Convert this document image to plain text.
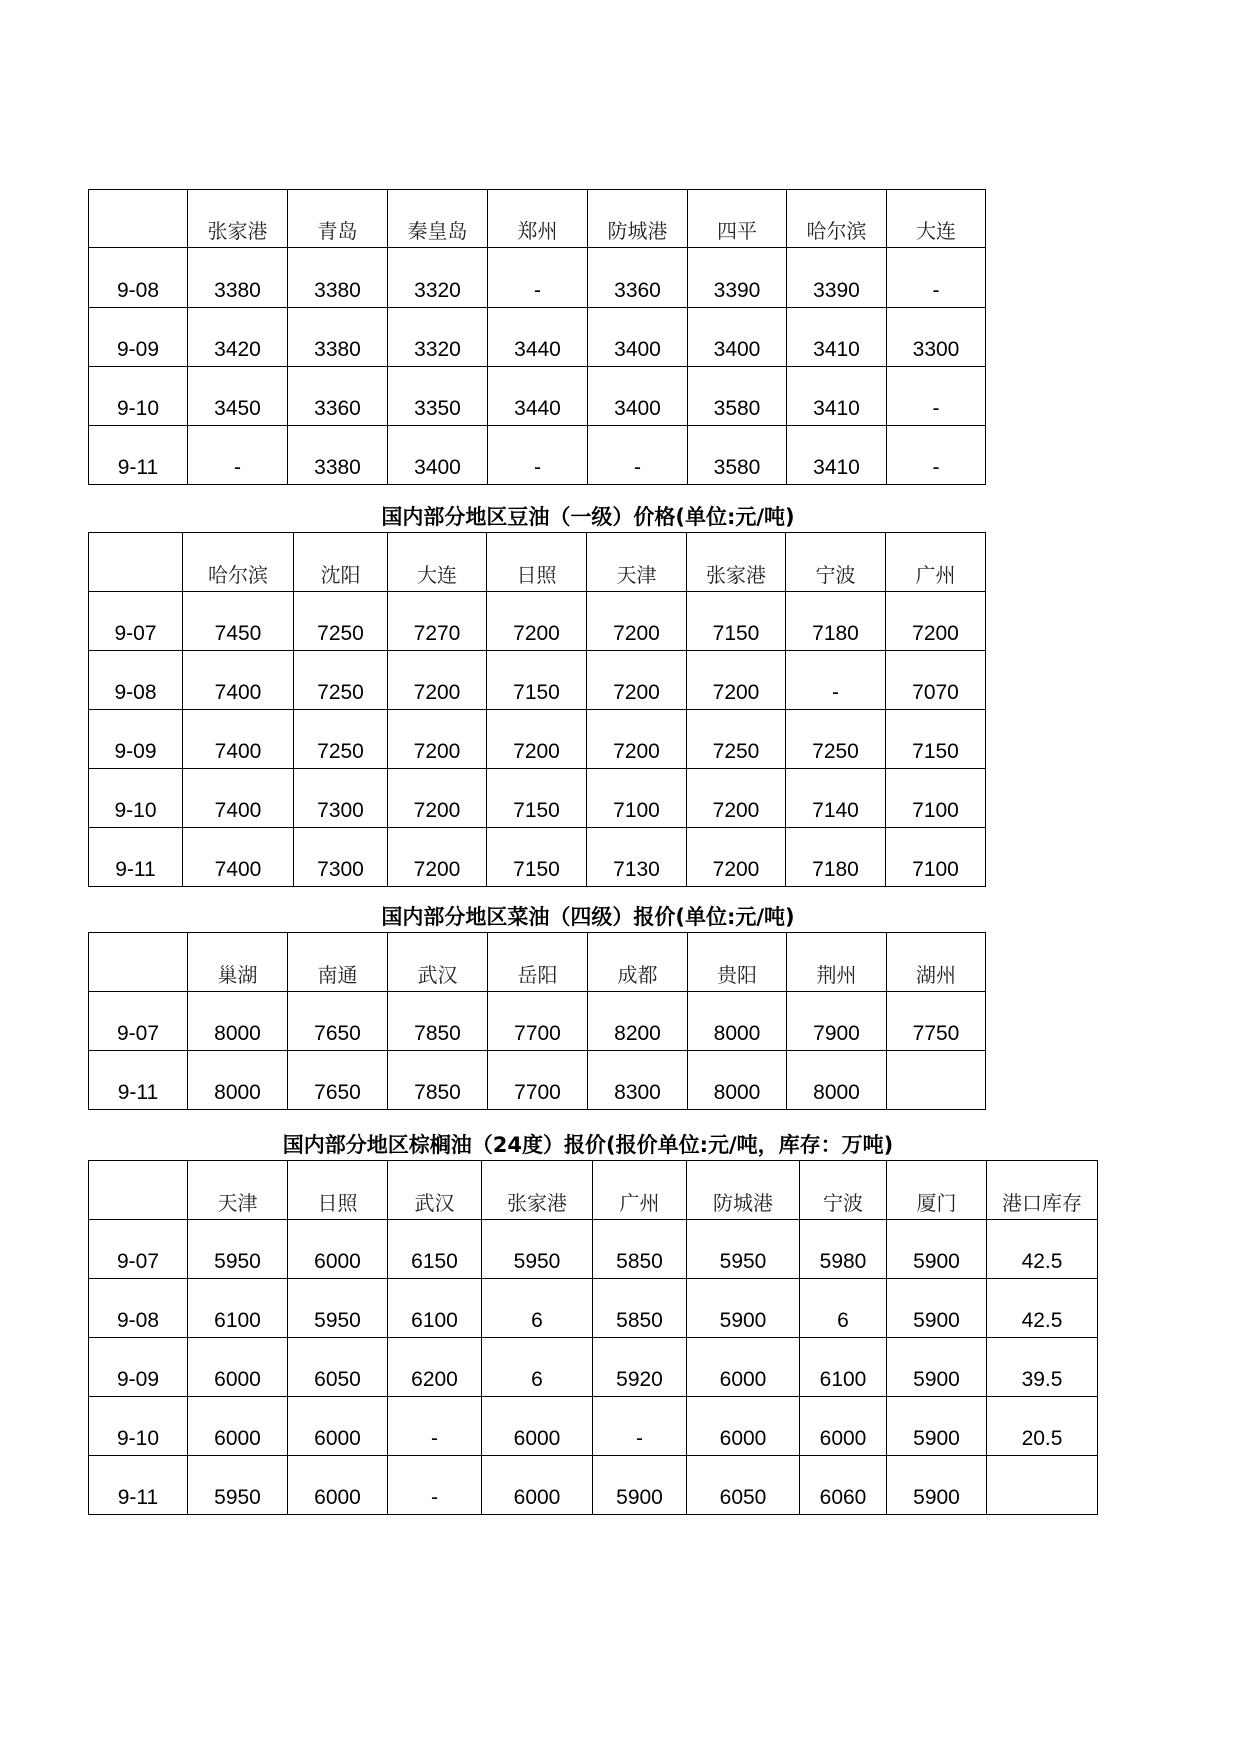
	张家港	青岛	秦皇岛	郑州	防城港	四平	哈尔滨	大连
9-08	3380	3380	3320	-	3360	3390	3390	-
9-09	3420	3380	3320	3440	3400	3400	3410	3300
9-10	3450	3360	3350	3440	3400	3580	3410	-
9-11	-	3380	3400	-	-	3580	3410	-
国内部分地区豆油（一级）价格(单位:元/吨)
	哈尔滨	沈阳	大连	日照	天津	张家港	宁波	广州
9-07	7450	7250	7270	7200	7200	7150	7180	7200
9-08	7400	7250	7200	7150	7200	7200	-	7070
9-09	7400	7250	7200	7200	7200	7250	7250	7150
9-10	7400	7300	7200	7150	7100	7200	7140	7100
9-11	7400	7300	7200	7150	7130	7200	7180	7100
国内部分地区菜油（四级）报价(单位:元/吨)
	巢湖	南通	武汉	岳阳	成都	贵阳	荆州	湖州
9-07	8000	7650	7850	7700	8200	8000	7900	7750
9-11	8000	7650	7850	7700	8300	8000	8000	
国内部分地区棕榈油（24度）报价(报价单位:元/吨，库存：万吨)
	天津	日照	武汉	张家港	广州	防城港	宁波	厦门	港口库存
9-07	5950	6000	6150	5950	5850	5950	5980	5900	42.5
9-08	6100	5950	6100	6	5850	5900	6	5900	42.5
9-09	6000	6050	6200	6	5920	6000	6100	5900	39.5
9-10	6000	6000	-	6000	-	6000	6000	5900	20.5
9-11	5950	6000	-	6000	5900	6050	6060	5900	
